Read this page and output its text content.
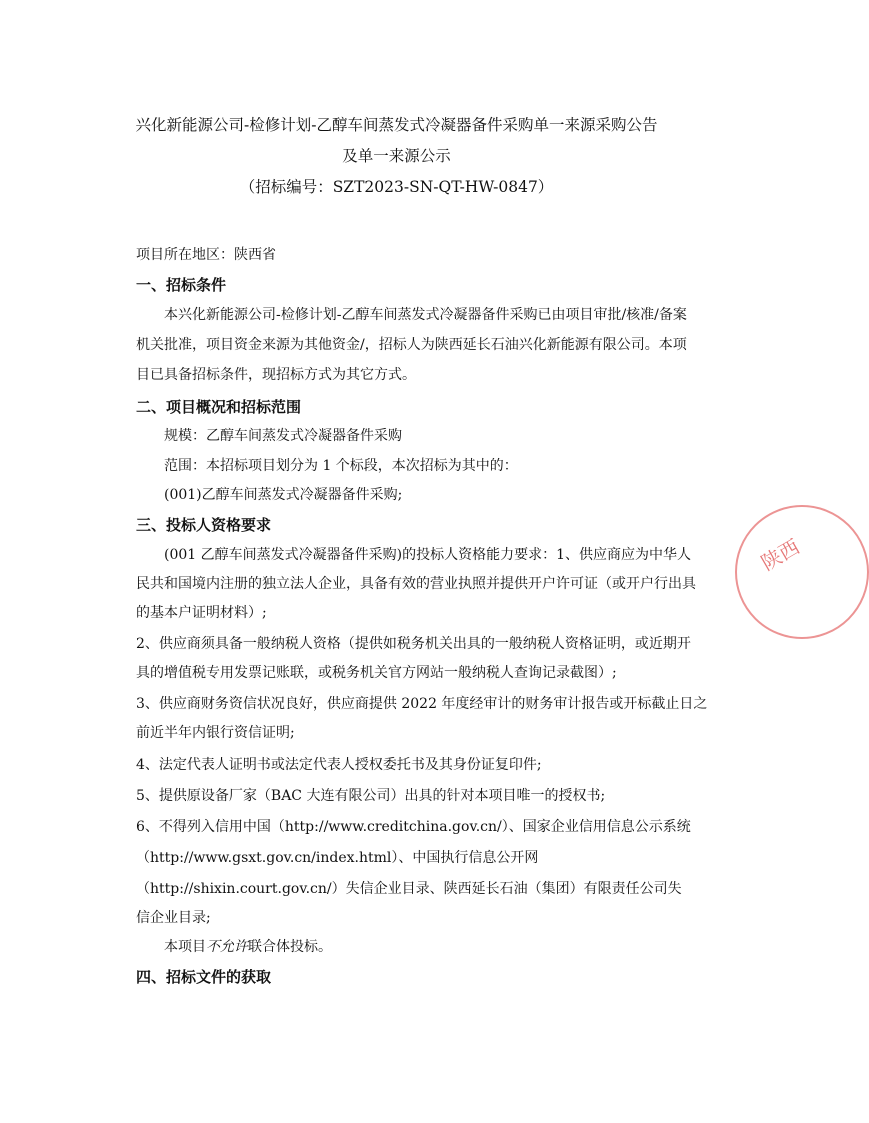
兴化新能源公司-检修计划-乙醇车间蒸发式冷凝器备件采购单一来源采购公告
及单一来源公示
（招标编号：SZT2023-SN-QT-HW-0847）
项目所在地区：陕西省
一、招标条件
本兴化新能源公司-检修计划-乙醇车间蒸发式冷凝器备件采购已由项目审批/核准/备案
机关批准，项目资金来源为其他资金/，招标人为陕西延长石油兴化新能源有限公司。本项
目已具备招标条件，现招标方式为其它方式。
二、项目概况和招标范围
规模：乙醇车间蒸发式冷凝器备件采购
范围：本招标项目划分为 1 个标段，本次招标为其中的：
(001)乙醇车间蒸发式冷凝器备件采购;
三、投标人资格要求
(001 乙醇车间蒸发式冷凝器备件采购)的投标人资格能力要求：1、供应商应为中华人
民共和国境内注册的独立法人企业，具备有效的营业执照并提供开户许可证（或开户行出具
的基本户证明材料）;
2、供应商须具备一般纳税人资格（提供如税务机关出具的一般纳税人资格证明，或近期开
具的增值税专用发票记账联，或税务机关官方网站一般纳税人查询记录截图）;
3、供应商财务资信状况良好，供应商提供 2022 年度经审计的财务审计报告或开标截止日之
前近半年内银行资信证明;
4、法定代表人证明书或法定代表人授权委托书及其身份证复印件;
5、提供原设备厂家（BAC 大连有限公司）出具的针对本项目唯一的授权书;
6、不得列入信用中国（http://www.creditchina.gov.cn/）、国家企业信用信息公示系统
（http://www.gsxt.gov.cn/index.html）、中国执行信息公开网
（http://shixin.court.gov.cn/）失信企业目录、陕西延长石油（集团）有限责任公司失
信企业目录;
本项目不允许联合体投标。
四、招标文件的获取
陕西
